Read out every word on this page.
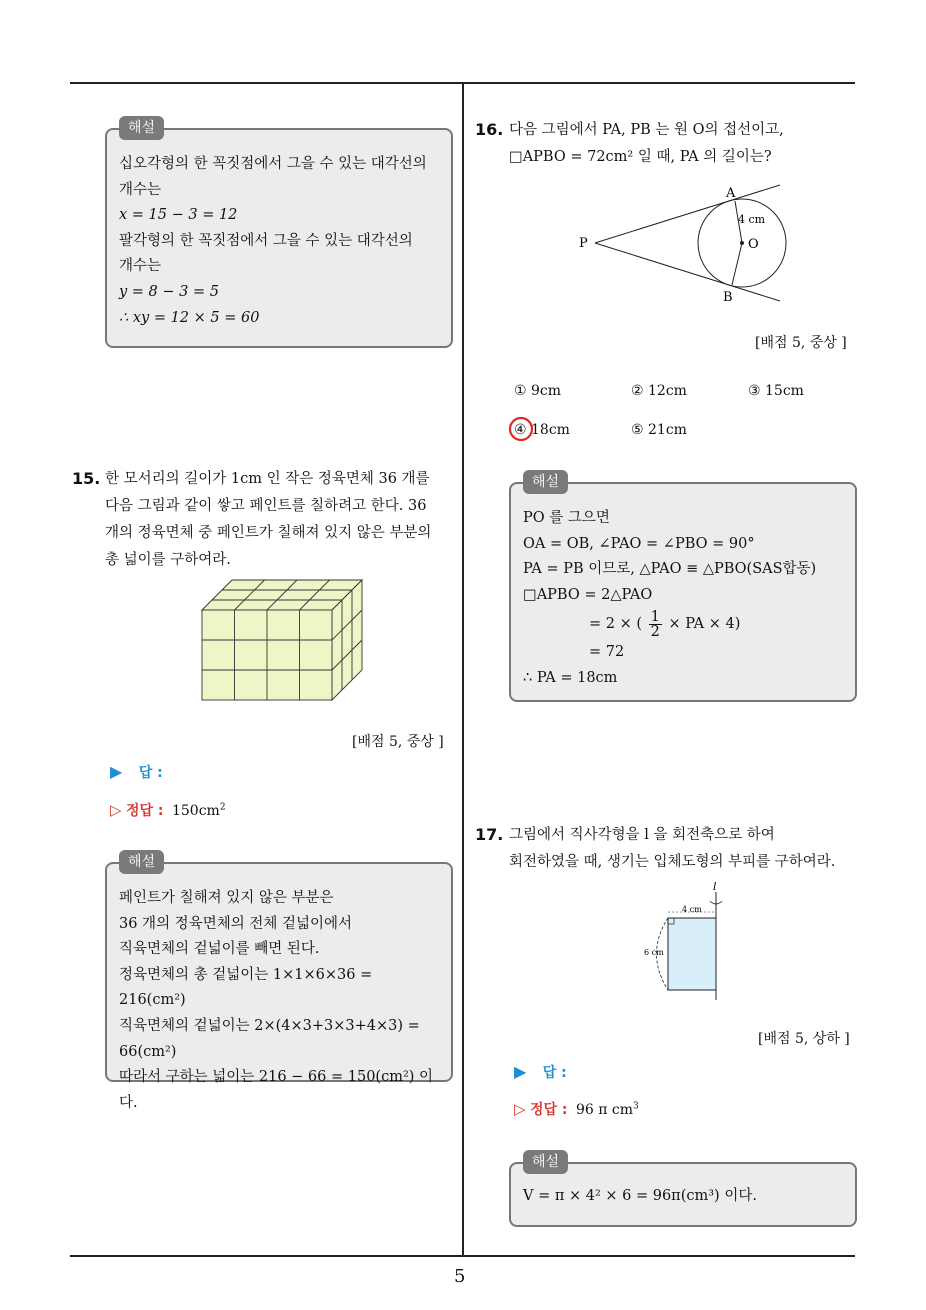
해설
십오각형의 한 꼭짓점에서 그을 수 있는 대각선의
개수는
x = 15 − 3 = 12
팔각형의 한 꼭짓점에서 그을 수 있는 대각선의
개수는
y = 8 − 3 = 5
∴ xy = 12 × 5 = 60
15. 한 모서리의 길이가 1cm 인 작은 정육면체 36 개를
다음 그림과 같이 쌓고 페인트를 칠하려고 한다. 36
개의 정육면체 중 페인트가 칠해져 있지 않은 부분의
총 넓이를 구하여라.
[배점 5, 중상 ]
▶ 답 :
▷ 정답 : $150cm^2$
해설
페인트가 칠해져 있지 않은 부분은
36 개의 정육면체의 전체 겉넓이에서
직육면체의 겉넓이를 빼면 된다.
정육면체의 총 겉넓이는 1×1×6×36 = 216(cm²)
직육면체의 겉넓이는 2×(4×3+3×3+4×3) =
66(cm²)
따라서 구하는 넓이는 216 − 66 = 150(cm²) 이다.
16. 다음 그림에서 PA, PB 는 원 O의 접선이고,
□APBO = 72cm² 일 때, PA 의 길이는?
A
B
P	O
4 cm
[배점 5, 중상 ]
① 9cm	② 12cm	③ 15cm
④ 18cm	⑤ 21cm
해설
PO 를 그으면
OA = OB, ∠PAO = ∠PBO = 90°
PA = PB 이므로, △PAO ≡ △PBO(SAS합동)
□APBO = 2△PAO
= 2 × ( $\frac{1}{2}$ × PA × 4)
= 72
∴ PA = 18cm
17. 그림에서 직사각형을 l 을 회전축으로 하여
회전하였을 때, 생기는 입체도형의 부피를 구하여라.
l
4 cm
6 cm
[배점 5, 상하 ]
▶ 답 :
▷ 정답 : 96 π $cm^3$
해설
V = π × 4² × 6 = 96π(cm³) 이다.
5
